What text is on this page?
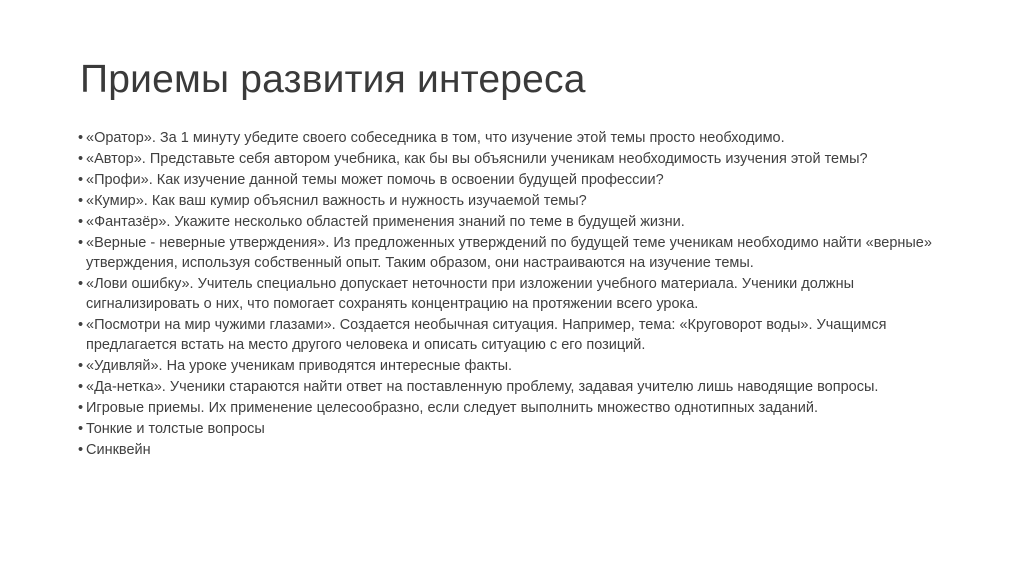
Приемы развития интереса
• «Оратор». За 1 минуту убедите своего собеседника в том, что изучение этой темы просто необходимо.
• «Автор». Представьте себя автором учебника, как бы вы объяснили ученикам необходимость изучения этой темы?
• «Профи». Как изучение данной темы может помочь в освоении будущей профессии?
• «Кумир». Как ваш кумир объяснил важность и нужность изучаемой темы?
• «Фантазёр». Укажите несколько областей применения знаний по теме в будущей жизни.
• «Верные - неверные утверждения». Из предложенных утверждений по будущей теме ученикам необходимо найти «верные» утверждения, используя собственный опыт. Таким образом, они настраиваются на изучение темы.
• «Лови ошибку». Учитель специально допускает неточности при изложении учебного материала. Ученики должны сигнализировать о них, что помогает сохранять концентрацию на протяжении всего урока.
• «Посмотри на мир чужими глазами». Создается необычная ситуация. Например, тема: «Круговорот воды». Учащимся предлагается встать на место другого человека и описать ситуацию с его позиций.
• «Удивляй». На уроке ученикам приводятся интересные факты.
• «Да-нетка». Ученики стараются найти ответ на поставленную проблему, задавая учителю лишь наводящие вопросы.
• Игровые приемы. Их применение целесообразно, если следует выполнить множество однотипных заданий.
• Тонкие и толстые вопросы
• Синквейн
